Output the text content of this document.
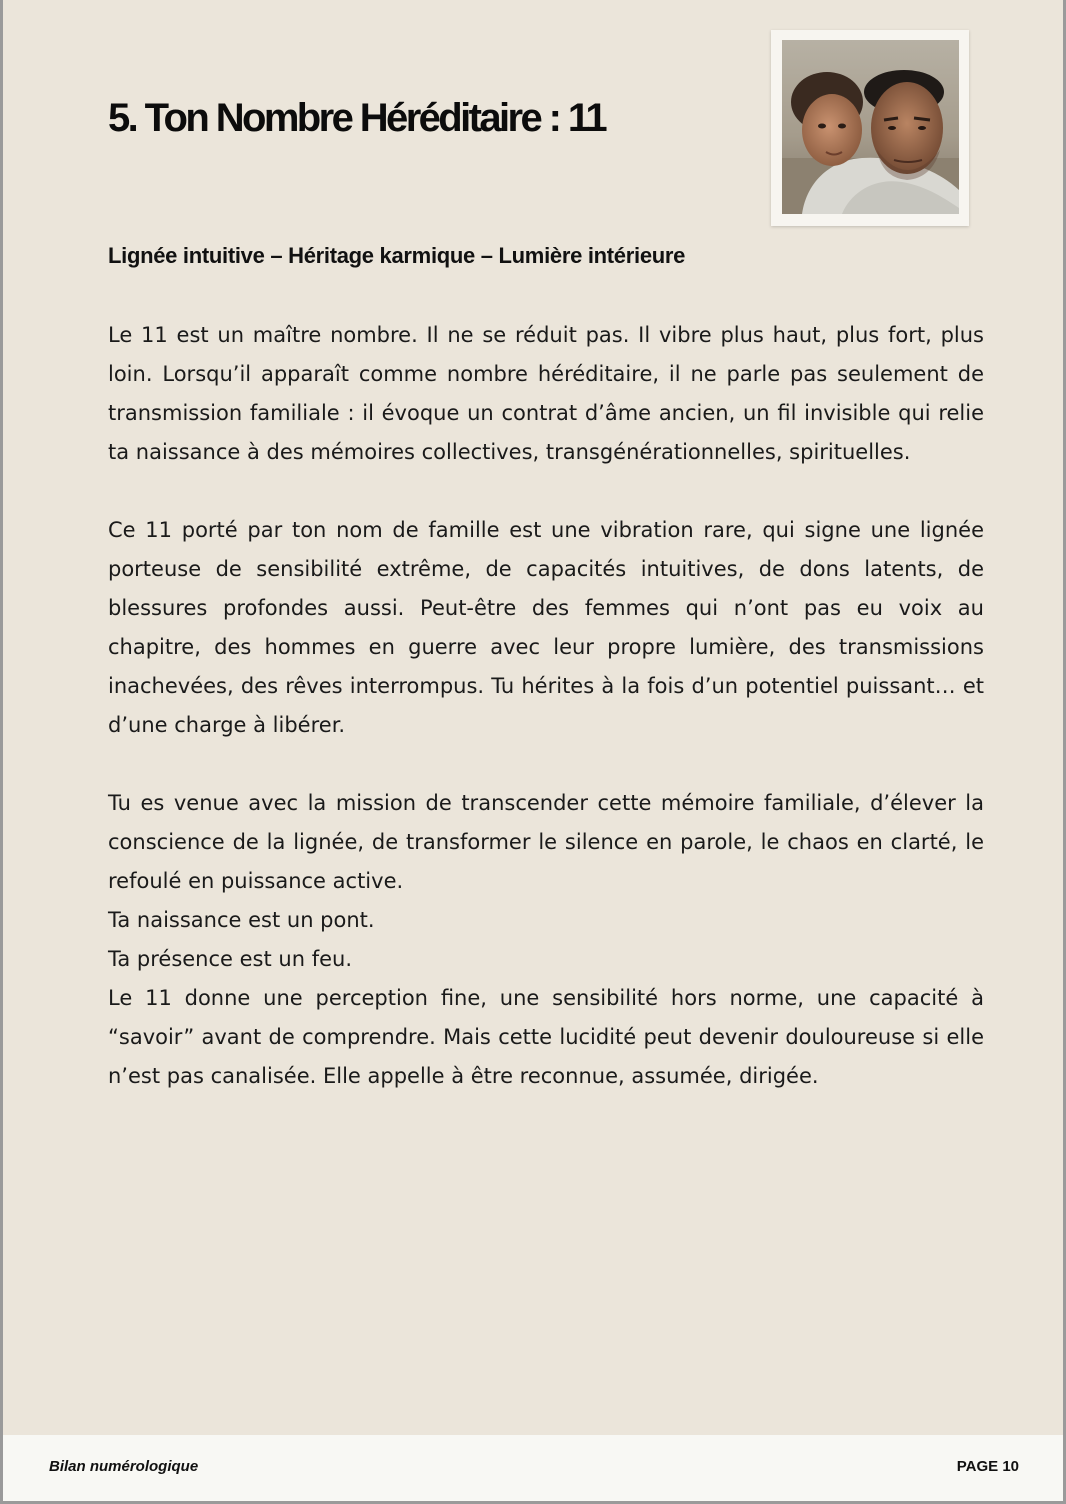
5. Ton Nombre Héréditaire : 11
Lignée intuitive – Héritage karmique – Lumière intérieure

Le 11 est un maître nombre. Il ne se réduit pas. Il vibre plus haut, plus fort, plus loin. Lorsqu’il apparaît comme nombre héréditaire, il ne parle pas seulement de transmission familiale : il évoque un contrat d’âme ancien, un fil invisible qui relie ta naissance à des mémoires collectives, transgénérationnelles, spirituelles.

Ce 11 porté par ton nom de famille est une vibration rare, qui signe une lignée porteuse de sensibilité extrême, de capacités intuitives, de dons latents, de blessures profondes aussi. Peut-être des femmes qui n’ont pas eu voix au chapitre, des hommes en guerre avec leur propre lumière, des transmissions inachevées, des rêves interrompus. Tu hérites à la fois d’un potentiel puissant… et d’une charge à libérer.

Tu es venue avec la mission de transcender cette mémoire familiale, d’élever la conscience de la lignée, de transformer le silence en parole, le chaos en clarté, le refoulé en puissance active.

Ta naissance est un pont.

Ta présence est un feu.

Le 11 donne une perception fine, une sensibilité hors norme, une capacité à “savoir” avant de comprendre. Mais cette lucidité peut devenir douloureuse si elle n’est pas canalisée. Elle appelle à être reconnue, assumée, dirigée.

Bilan numérologique	PAGE 10
